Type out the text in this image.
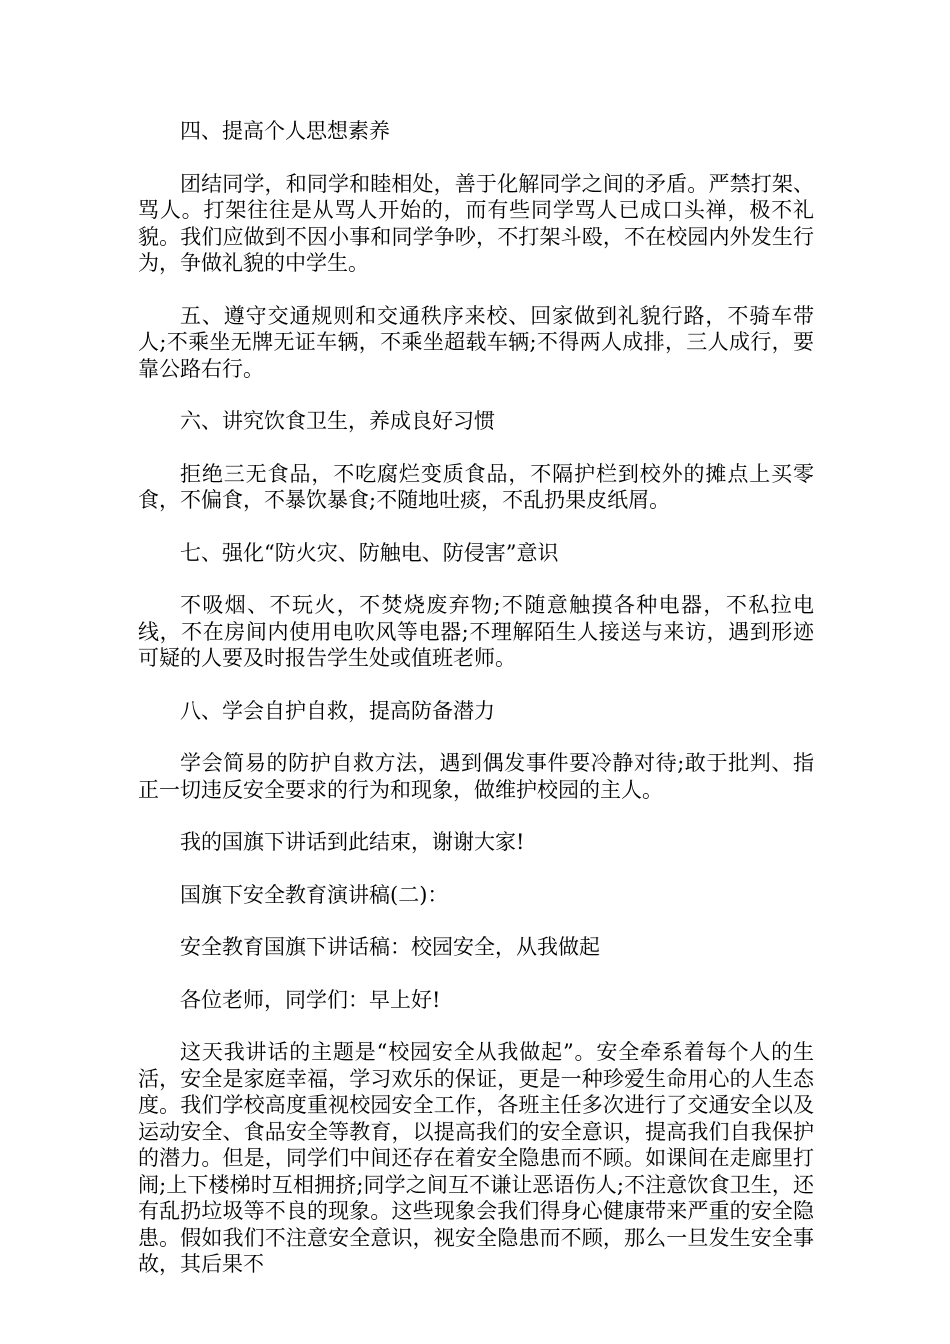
四、提高个人思想素养

团结同学，和同学和睦相处，善于化解同学之间的矛盾。严禁打架、骂人。打架往往是从骂人开始的，而有些同学骂人已成口头禅，极不礼貌。我们应做到不因小事和同学争吵，不打架斗殴，不在校园内外发生行为，争做礼貌的中学生。

五、遵守交通规则和交通秩序来校、回家做到礼貌行路，不骑车带人;不乘坐无牌无证车辆，不乘坐超载车辆;不得两人成排，三人成行，要靠公路右行。

六、讲究饮食卫生，养成良好习惯

拒绝三无食品，不吃腐烂变质食品，不隔护栏到校外的摊点上买零食，不偏食，不暴饮暴食;不随地吐痰，不乱扔果皮纸屑。

七、强化“防火灾、防触电、防侵害”意识

不吸烟、不玩火，不焚烧废弃物;不随意触摸各种电器，不私拉电线，不在房间内使用电吹风等电器;不理解陌生人接送与来访，遇到形迹可疑的人要及时报告学生处或值班老师。

八、学会自护自救，提高防备潜力

学会简易的防护自救方法，遇到偶发事件要冷静对待;敢于批判、指正一切违反安全要求的行为和现象，做维护校园的主人。

我的国旗下讲话到此结束，谢谢大家!

国旗下安全教育演讲稿(二)：

安全教育国旗下讲话稿：校园安全，从我做起

各位老师，同学们：早上好!

这天我讲话的主题是“校园安全从我做起”。安全牵系着每个人的生活，安全是家庭幸福，学习欢乐的保证，更是一种珍爱生命用心的人生态度。我们学校高度重视校园安全工作，各班主任多次进行了交通安全以及运动安全、食品安全等教育，以提高我们的安全意识，提高我们自我保护的潜力。但是，同学们中间还存在着安全隐患而不顾。如课间在走廊里打闹;上下楼梯时互相拥挤;同学之间互不谦让恶语伤人;不注意饮食卫生，还有乱扔垃圾等不良的现象。这些现象会我们得身心健康带来严重的安全隐患。假如我们不注意安全意识，视安全隐患而不顾，那么一旦发生安全事故，其后果不
